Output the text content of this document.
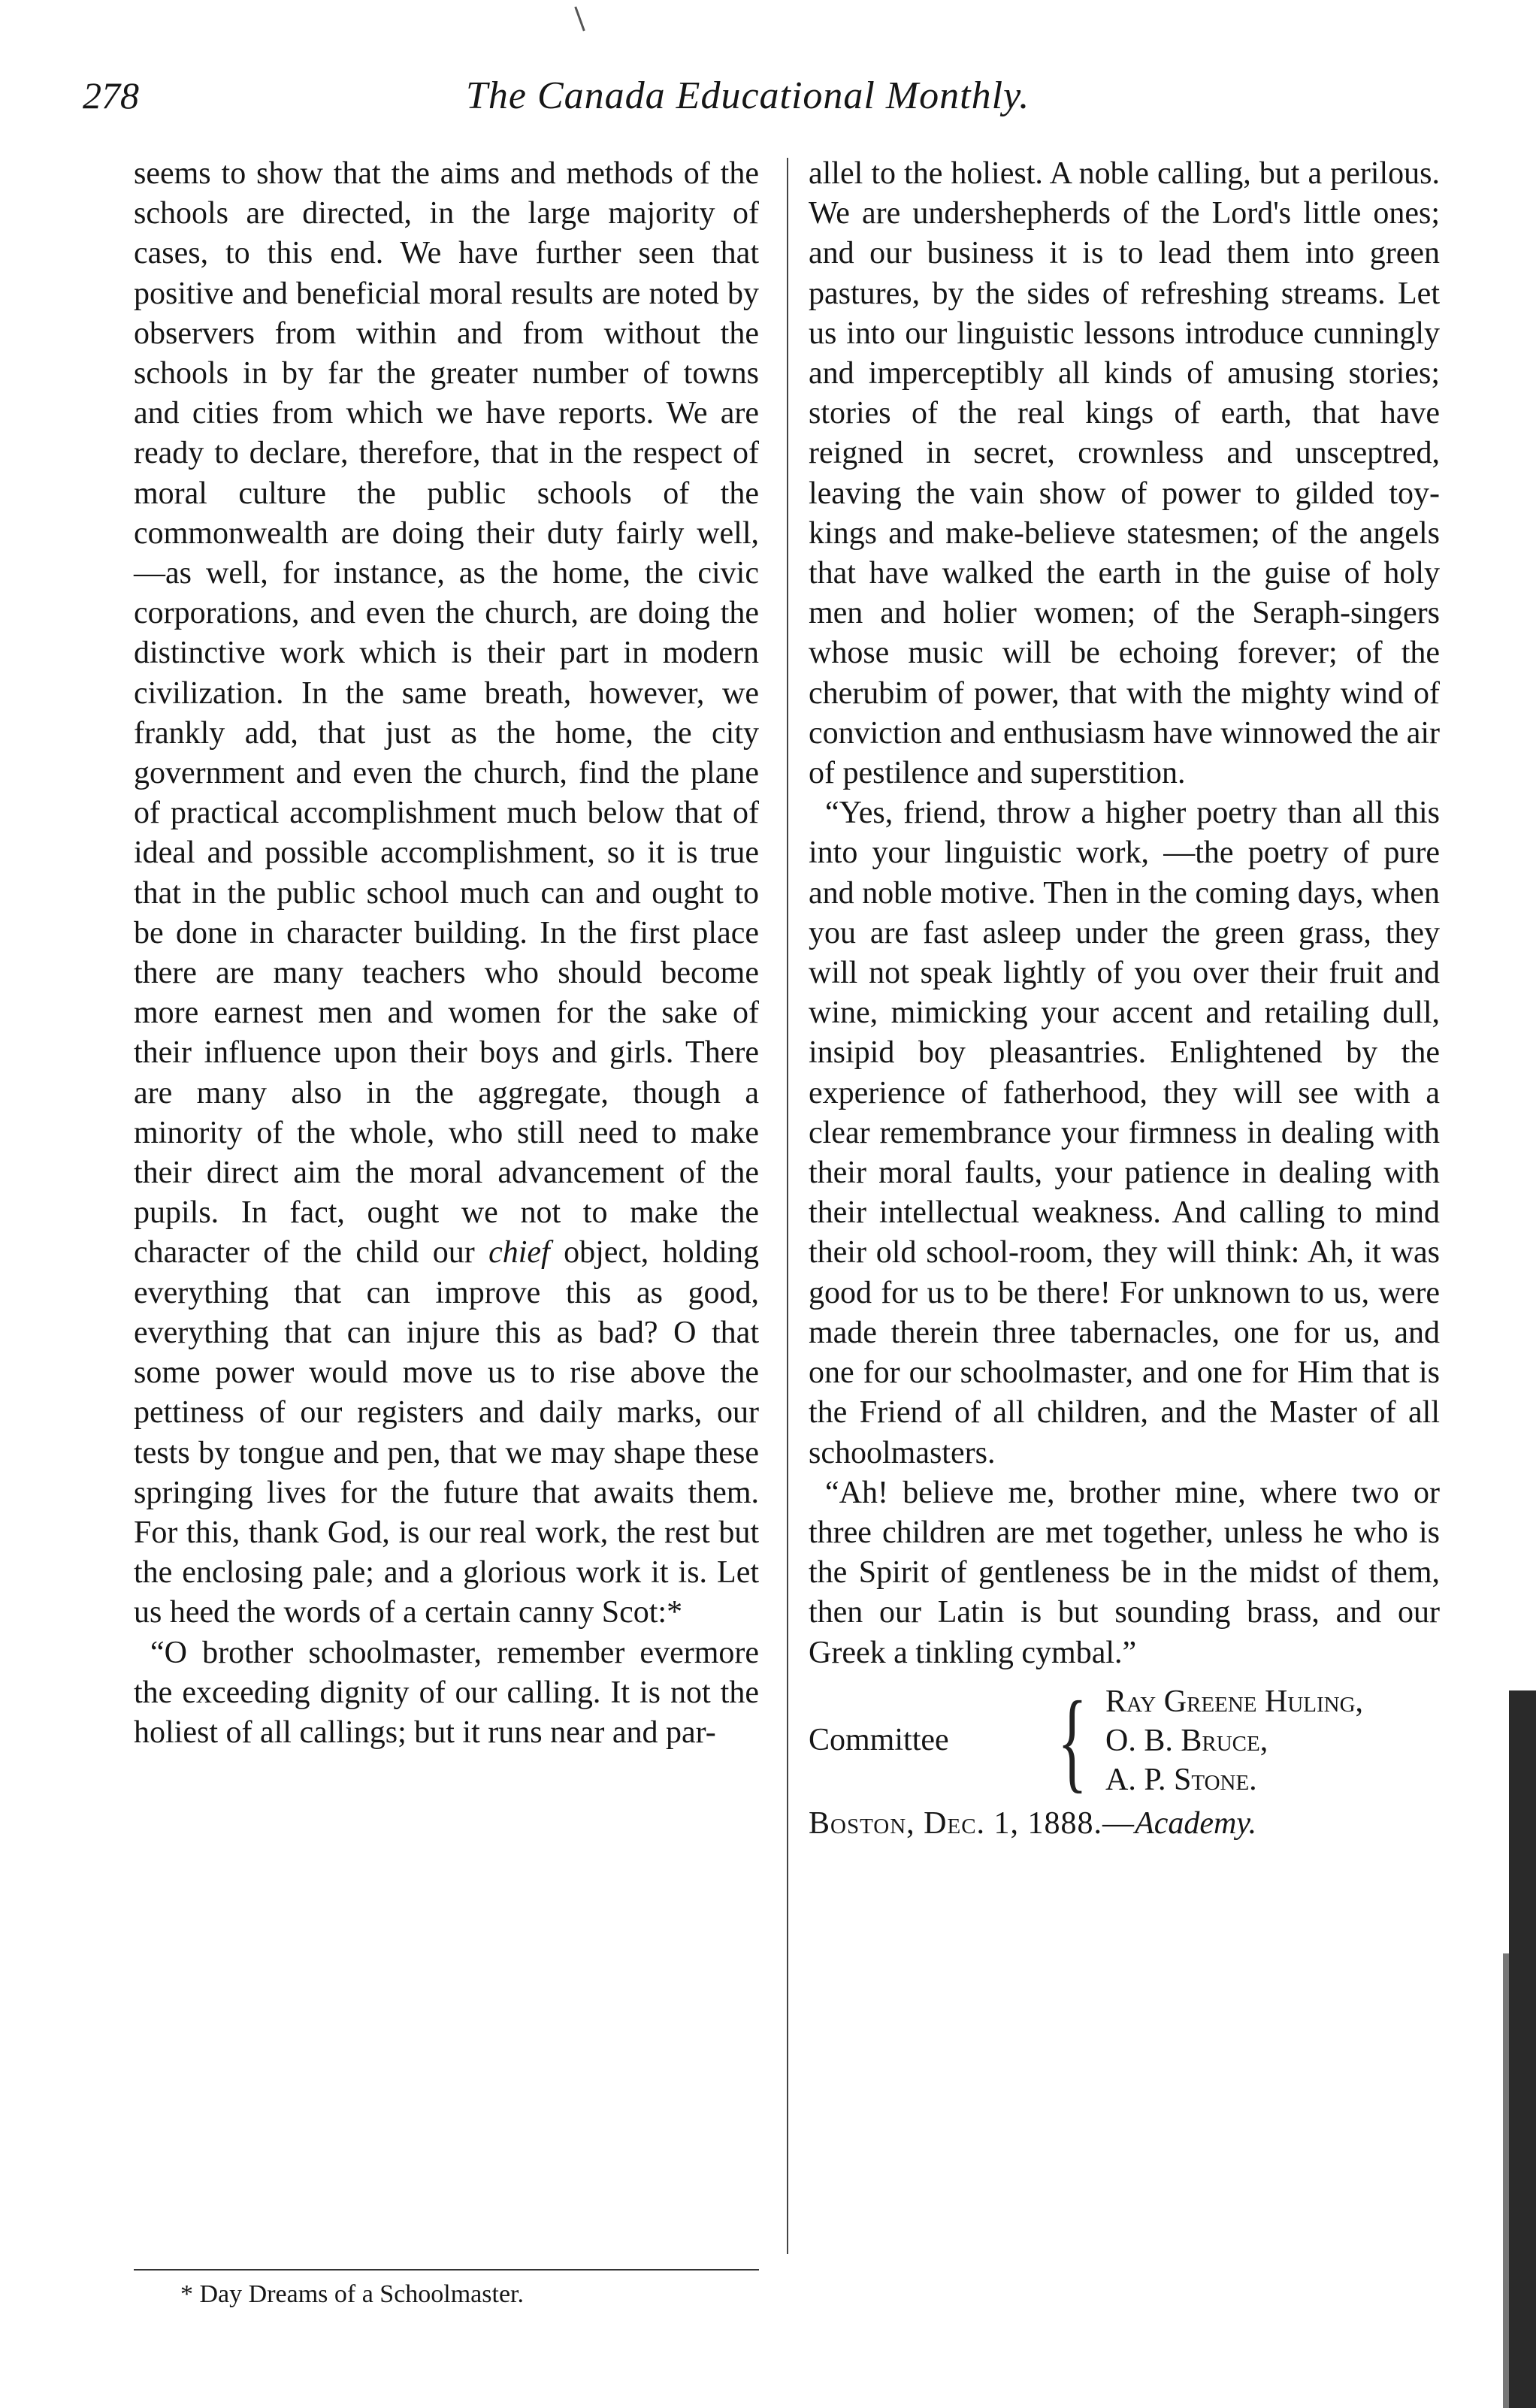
278	The Canada Educational Monthly.

seems to show that the aims and methods of the schools are directed, in the large majority of cases, to this end. We have further seen that positive and beneficial moral results are noted by observers from within and from without the schools in by far the greater number of towns and cities from which we have reports. We are ready to declare, therefore, that in the respect of moral culture the public schools of the commonwealth are doing their duty fairly well,—as well, for instance, as the home, the civic corporations, and even the church, are doing the distinctive work which is their part in modern civilization. In the same breath, however, we frankly add, that just as the home, the city government and even the church, find the plane of practical accomplishment much below that of ideal and possible accomplishment, so it is true that in the public school much can and ought to be done in character building. In the first place there are many teachers who should become more earnest men and women for the sake of their influence upon their boys and girls. There are many also in the aggregate, though a minority of the whole, who still need to make their direct aim the moral advancement of the pupils. In fact, ought we not to make the character of the child our chief object, holding everything that can improve this as good, everything that can injure this as bad? O that some power would move us to rise above the pettiness of our registers and daily marks, our tests by tongue and pen, that we may shape these springing lives for the future that awaits them. For this, thank God, is our real work, the rest but the enclosing pale; and a glorious work it is. Let us heed the words of a certain canny Scot:*

“O brother schoolmaster, remember evermore the exceeding dignity of our calling. It is not the holiest of all callings; but it runs near and par-

* Day Dreams of a Schoolmaster.

allel to the holiest. A noble calling, but a perilous. We are undershepherds of the Lord's little ones; and our business it is to lead them into green pastures, by the sides of refreshing streams. Let us into our linguistic lessons introduce cunningly and imperceptibly all kinds of amusing stories; stories of the real kings of earth, that have reigned in secret, crownless and unsceptred, leaving the vain show of power to gilded toy-kings and make-believe statesmen; of the angels that have walked the earth in the guise of holy men and holier women; of the Seraph-singers whose music will be echoing forever; of the cherubim of power, that with the mighty wind of conviction and enthusiasm have winnowed the air of pestilence and superstition.

“Yes, friend, throw a higher poetry than all this into your linguistic work, —the poetry of pure and noble motive. Then in the coming days, when you are fast asleep under the green grass, they will not speak lightly of you over their fruit and wine, mimicking your accent and retailing dull, insipid boy pleasantries. Enlightened by the experience of fatherhood, they will see with a clear remembrance your firmness in dealing with their moral faults, your patience in dealing with their intellectual weakness. And calling to mind their old school-room, they will think: Ah, it was good for us to be there! For unknown to us, were made therein three tabernacles, one for us, and one for our schoolmaster, and one for Him that is the Friend of all children, and the Master of all schoolmasters.

“Ah! believe me, brother mine, where two or three children are met together, unless he who is the Spirit of gentleness be in the midst of them, then our Latin is but sounding brass, and our Greek a tinkling cymbal.”

Committee { Ray Greene Huling,
O. B. Bruce,
A. P. Stone.
Boston, Dec. 1, 1888.—Academy.
